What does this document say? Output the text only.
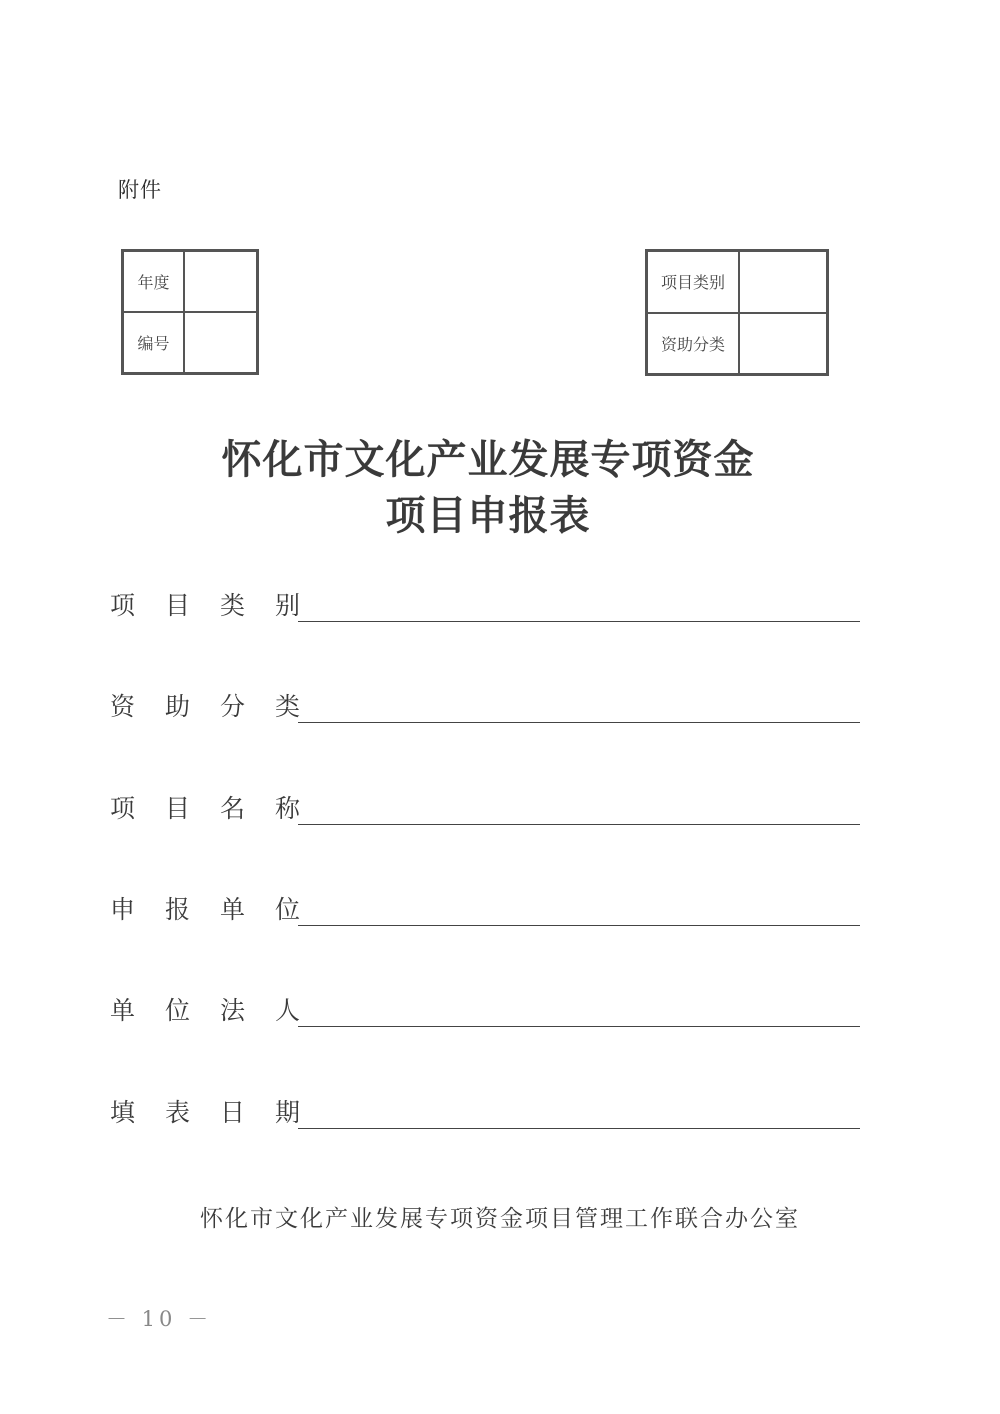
附件
年度
编号
项目类别
资助分类
怀化市文化产业发展专项资金
项目申报表
项目类别
资助分类
项目名称
申报单位
单位法人
填表日期
怀化市文化产业发展专项资金项目管理工作联合办公室
－ 10 －
